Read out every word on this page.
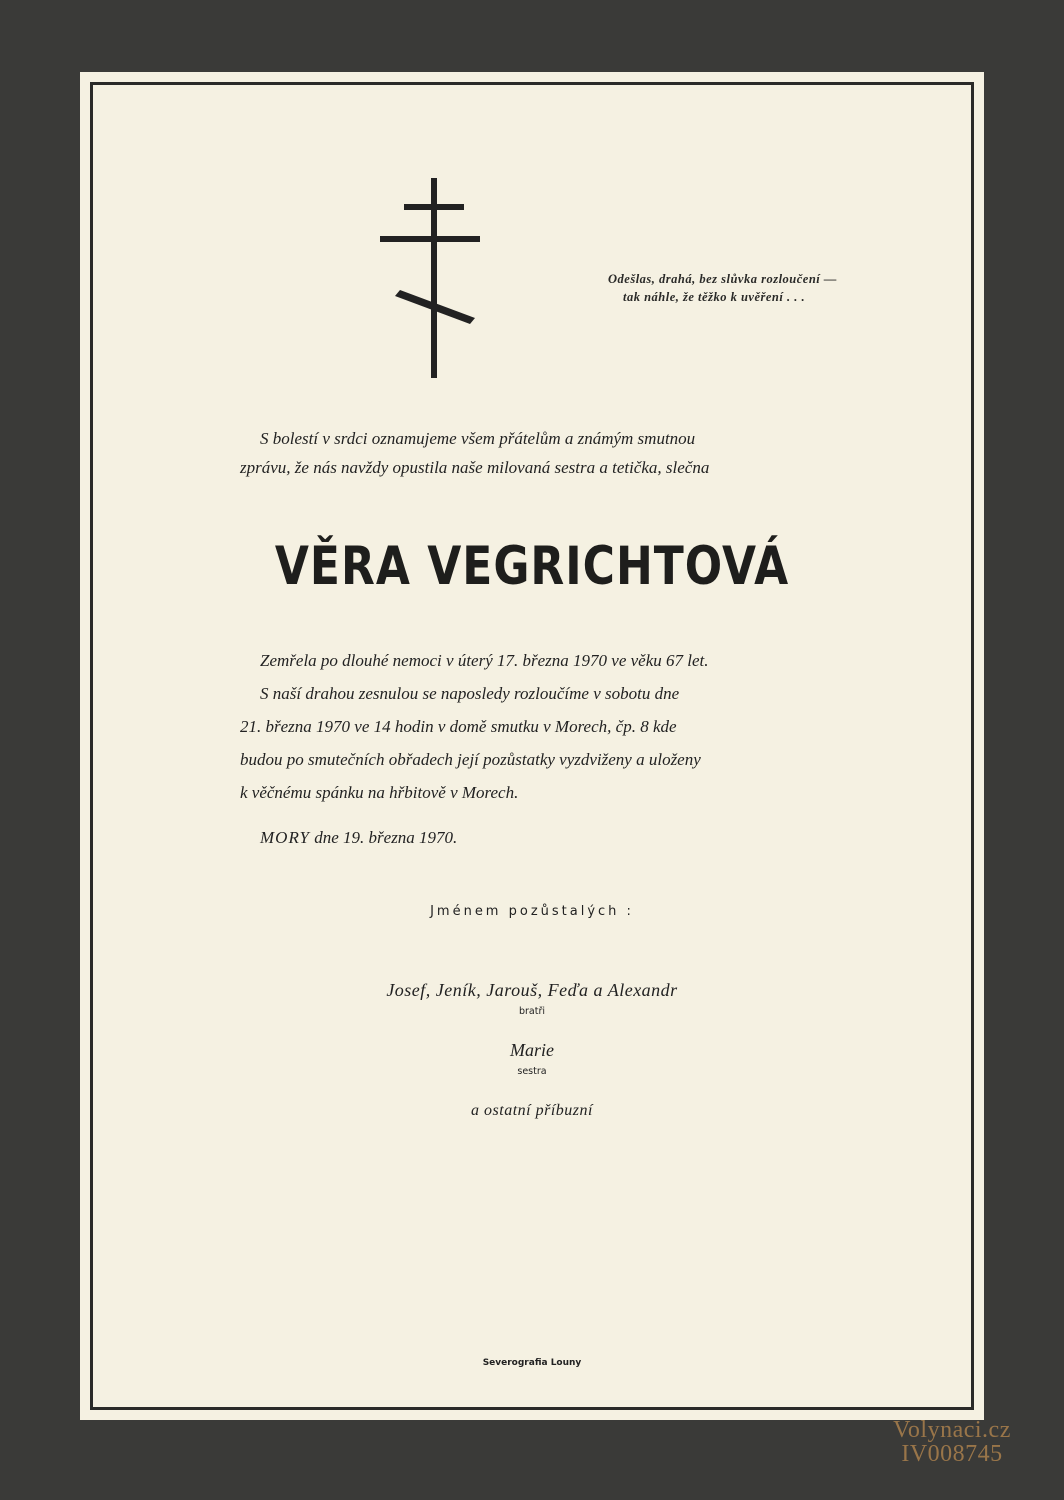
Odešlas, drahá, bez slůvka rozloučení —
tak náhle, že těžko k uvěření . . .
S bolestí v srdci oznamujeme všem přátelům a známým smutnou
zprávu, že nás navždy opustila naše milovaná sestra a tetička, slečna
VĚRA VEGRICHTOVÁ
Zemřela po dlouhé nemoci v úterý 17. března 1970 ve věku 67 let.
S naší drahou zesnulou se naposledy rozloučíme v sobotu dne
21. března 1970 ve 14 hodin v domě smutku v Morech, čp. 8 kde
budou po smutečních obřadech její pozůstatky vyzdviženy a uloženy
k věčnému spánku na hřbitově v Morech.
MORY dne 19. března 1970.
Jménem pozůstalých :
Josef, Jeník, Jarouš, Feďa a Alexandr
bratři
Marie
sestra
a ostatní příbuzní
Severografia Louny
Volynaci.cz
IV008745
